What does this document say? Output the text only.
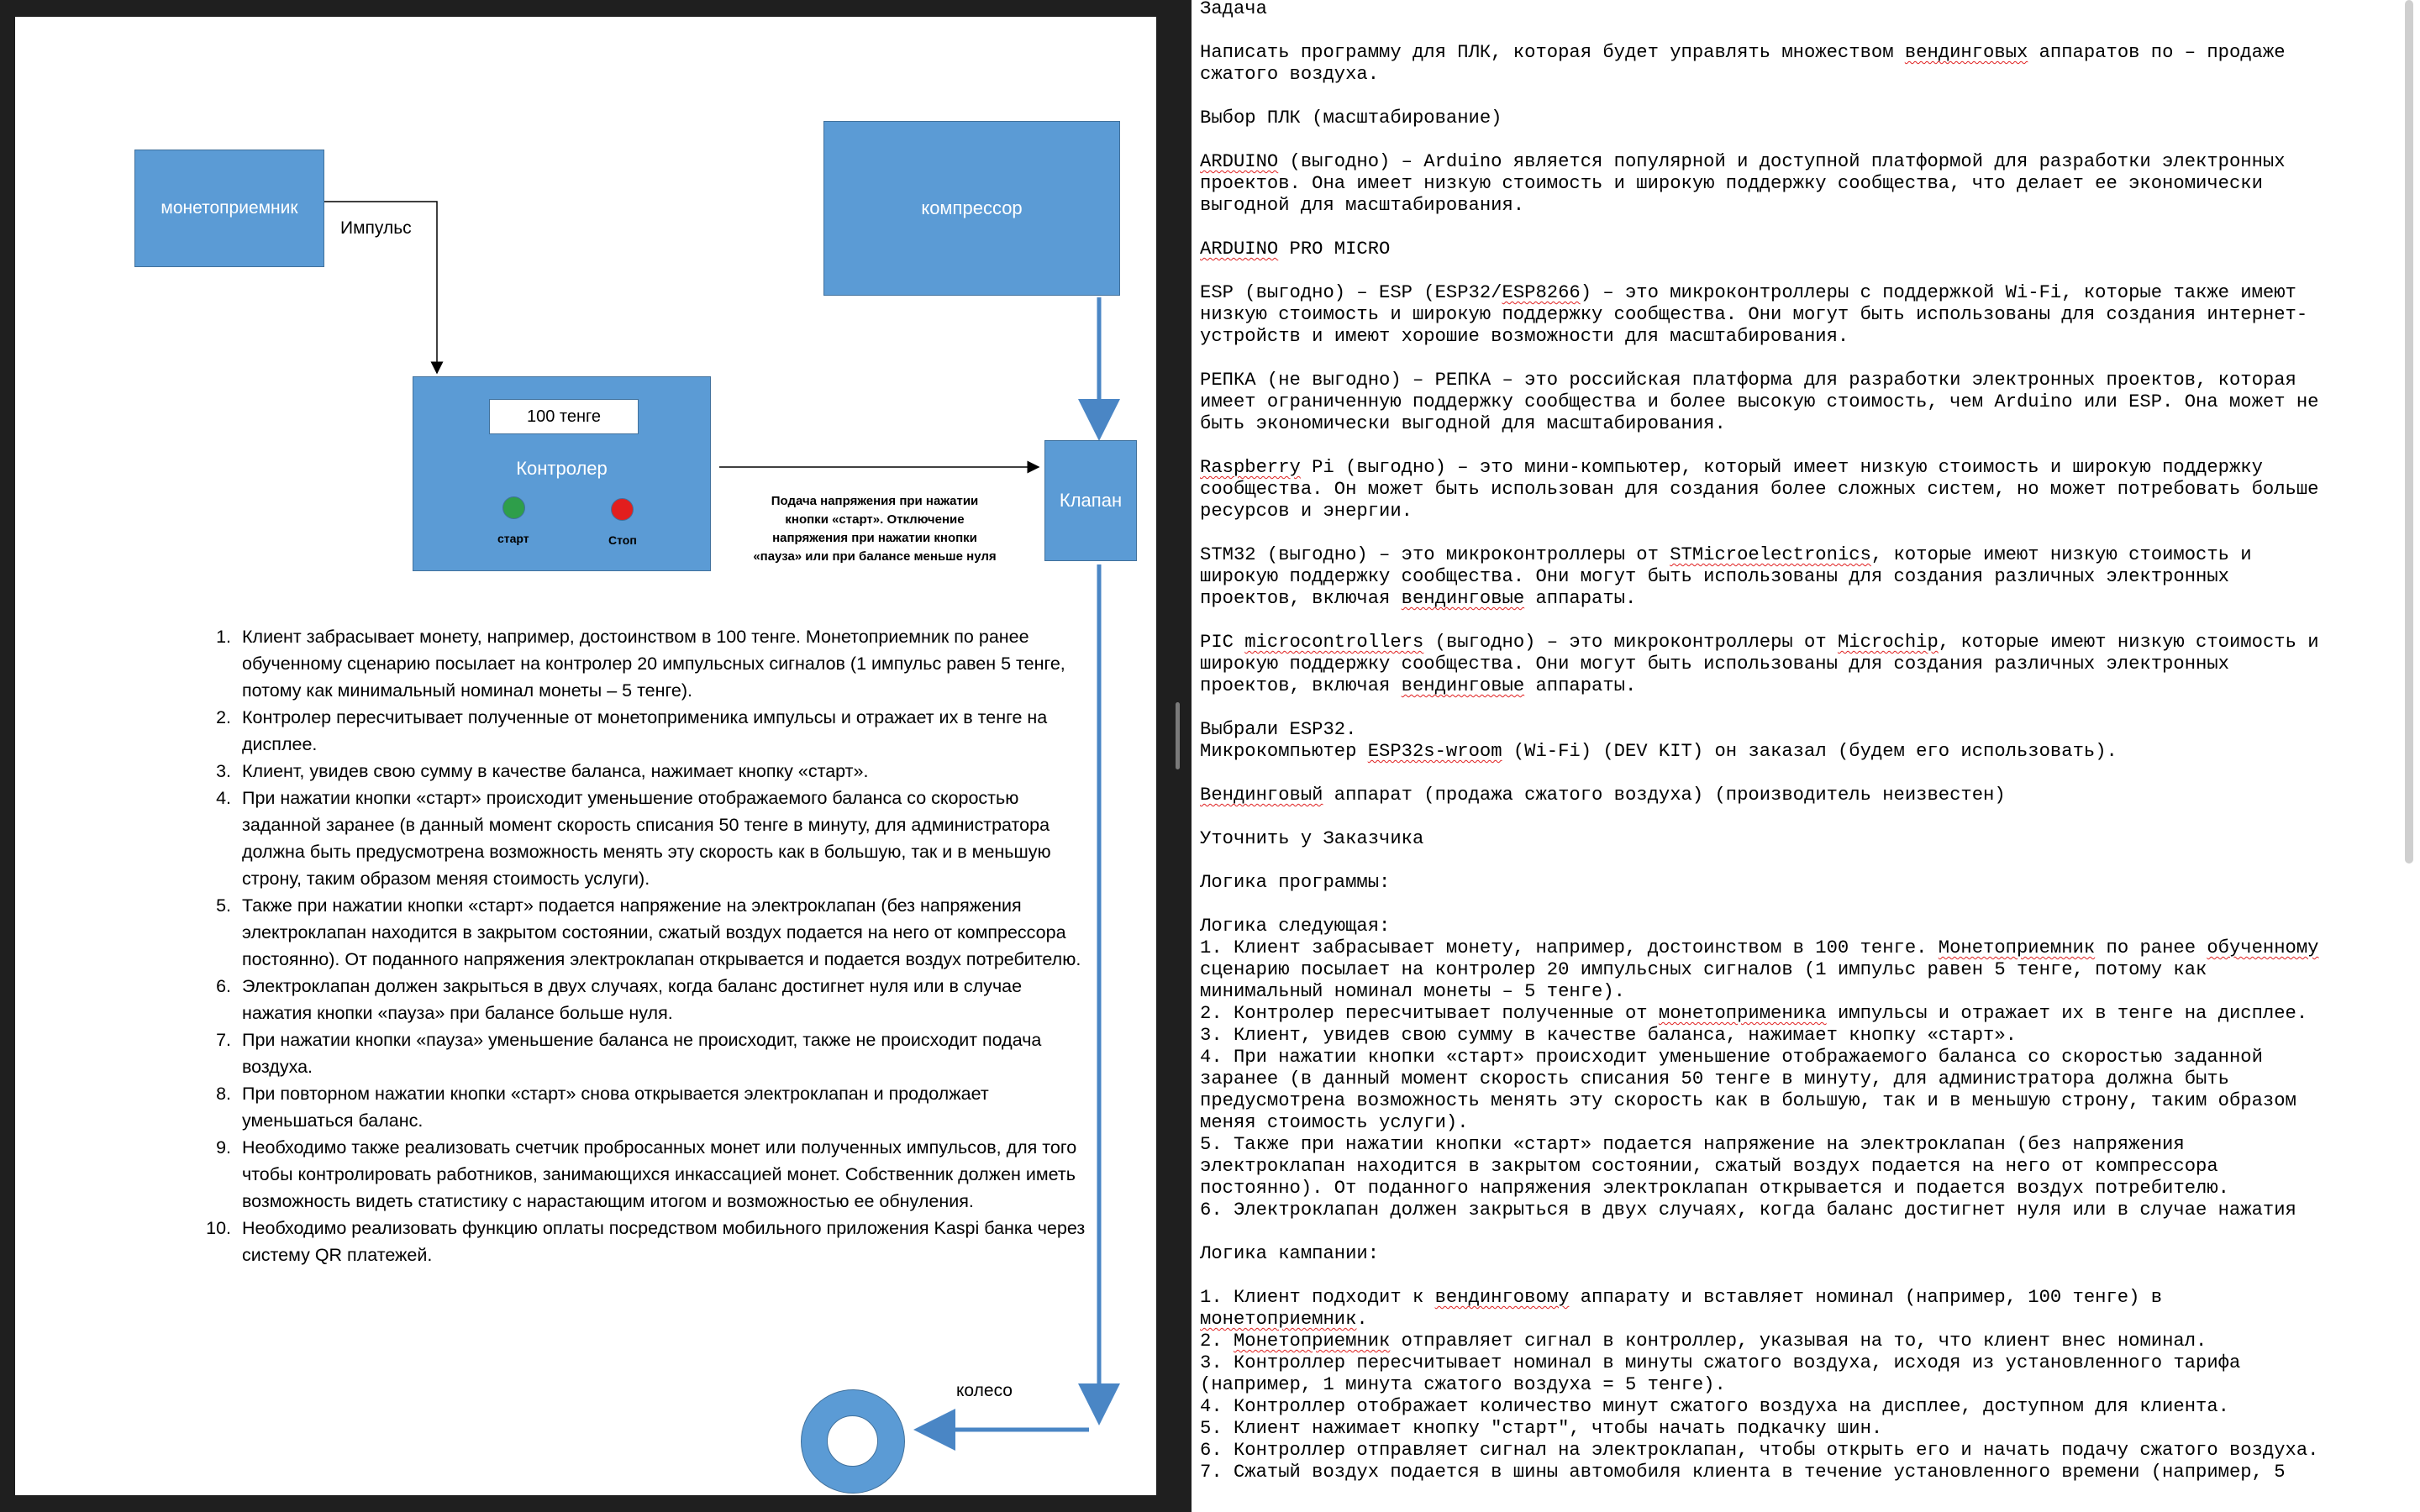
монетоприемник
Импульс
компрессор
100 тенге
Контролер
старт	Стоп
Клапан
Подача напряжения при нажатии кнопки «старт». Отключение напряжения при нажатии кнопки «пауза» или при балансе меньше нуля
1. Клиент забрасывает монету, например, достоинством в 100 тенге. Монетоприемник по ранее обученному сценарию посылает на контролер 20 импульсных сигналов (1 импульс равен 5 тенге, потому как минимальный номинал монеты – 5 тенге).
2. Контролер пересчитывает полученные от монетоприменика импульсы и отражает их в тенге на дисплее.
3. Клиент, увидев свою сумму в качестве баланса, нажимает кнопку «старт».
4. При нажатии кнопки «старт» происходит уменьшение отображаемого баланса со скоростью заданной заранее (в данный момент скорость списания 50 тенге в минуту, для администратора должна быть предусмотрена возможность менять эту скорость как в большую, так и в меньшую строну, таким образом меняя стоимость услуги).
5. Также при нажатии кнопки «старт» подается напряжение на электроклапан (без напряжения электроклапан находится в закрытом состоянии, сжатый воздух подается на него от компрессора постоянно). От поданного напряжения электроклапан открывается и подается воздух потребителю.
6. Электроклапан должен закрыться в двух случаях, когда баланс достигнет нуля или в случае нажатия кнопки «пауза» при балансе больше нуля.
7. При нажатии кнопки «пауза» уменьшение баланса не происходит, также не происходит подача воздуха.
8. При повторном нажатии кнопки «старт» снова открывается электроклапан и продолжает уменьшаться баланс.
9. Необходимо также реализовать счетчик пробросанных монет или полученных импульсов, для того чтобы контролировать работников, занимающихся инкассацией монет. Собственник должен иметь возможность видеть статистику с нарастающим итогом и возможностью ее обнуления.
10. Необходимо реализовать функцию оплаты посредством мобильного приложения Kaspi банка через систему QR платежей.
колесо
Задача

Написать программу для ПЛК, которая будет управлять множеством вендинговых аппаратов по – продаже
сжатого воздуха.

Выбор ПЛК (масштабирование)

ARDUINO (выгодно) – Arduino является популярной и доступной платформой для разработки электронных
проектов. Она имеет низкую стоимость и широкую поддержку сообщества, что делает ее экономически
выгодной для масштабирования.

ARDUINO PRO MICRO

ESP (выгодно) – ESP (ESP32/ESP8266) – это микроконтроллеры с поддержкой Wi-Fi, которые также имеют
низкую стоимость и широкую поддержку сообщества. Они могут быть использованы для создания интернет-
устройств и имеют хорошие возможности для масштабирования.

РЕПКА (не выгодно) – РЕПКА – это российская платформа для разработки электронных проектов, которая
имеет ограниченную поддержку сообщества и более высокую стоимость, чем Arduino или ESP. Она может не
быть экономически выгодной для масштабирования.

Raspberry Pi (выгодно) – это мини-компьютер, который имеет низкую стоимость и широкую поддержку
сообщества. Он может быть использован для создания более сложных систем, но может потребовать больше
ресурсов и энергии.

STM32 (выгодно) – это микроконтроллеры от STMicroelectronics, которые имеют низкую стоимость и
широкую поддержку сообщества. Они могут быть использованы для создания различных электронных
проектов, включая вендинговые аппараты.

PIC microcontrollers (выгодно) – это микроконтроллеры от Microchip, которые имеют низкую стоимость и
широкую поддержку сообщества. Они могут быть использованы для создания различных электронных
проектов, включая вендинговые аппараты.

Выбрали ESP32.
Микрокомпьютер ESP32s-wroom (Wi-Fi) (DEV KIT) он заказал (будем его использовать).

Вендинговый аппарат (продажа сжатого воздуха) (производитель неизвестен)

Уточнить у Заказчика

Логика программы:

Логика следующая:
1. Клиент забрасывает монету, например, достоинством в 100 тенге. Монетоприемник по ранее обученному
сценарию посылает на контролер 20 импульсных сигналов (1 импульс равен 5 тенге, потому как
минимальный номинал монеты – 5 тенге).
2. Контролер пересчитывает полученные от монетоприменика импульсы и отражает их в тенге на дисплее.
3. Клиент, увидев свою сумму в качестве баланса, нажимает кнопку «старт».
4. При нажатии кнопки «старт» происходит уменьшение отображаемого баланса со скоростью заданной
заранее (в данный момент скорость списания 50 тенге в минуту, для администратора должна быть
предусмотрена возможность менять эту скорость как в большую, так и в меньшую строну, таким образом
меняя стоимость услуги).
5. Также при нажатии кнопки «старт» подается напряжение на электроклапан (без напряжения
электроклапан находится в закрытом состоянии, сжатый воздух подается на него от компрессора
постоянно). От поданного напряжения электроклапан открывается и подается воздух потребителю.
6. Электроклапан должен закрыться в двух случаях, когда баланс достигнет нуля или в случае нажатия

Логика кампании:

1. Клиент подходит к вендинговому аппарату и вставляет номинал (например, 100 тенге) в
монетоприемник.
2. Монетоприемник отправляет сигнал в контроллер, указывая на то, что клиент внес номинал.
3. Контроллер пересчитывает номинал в минуты сжатого воздуха, исходя из установленного тарифа
(например, 1 минута сжатого воздуха = 5 тенге).
4. Контроллер отображает количество минут сжатого воздуха на дисплее, доступном для клиента.
5. Клиент нажимает кнопку "старт", чтобы начать подкачку шин.
6. Контроллер отправляет сигнал на электроклапан, чтобы открыть его и начать подачу сжатого воздуха.
7. Сжатый воздух подается в шины автомобиля клиента в течение установленного времени (например, 5
